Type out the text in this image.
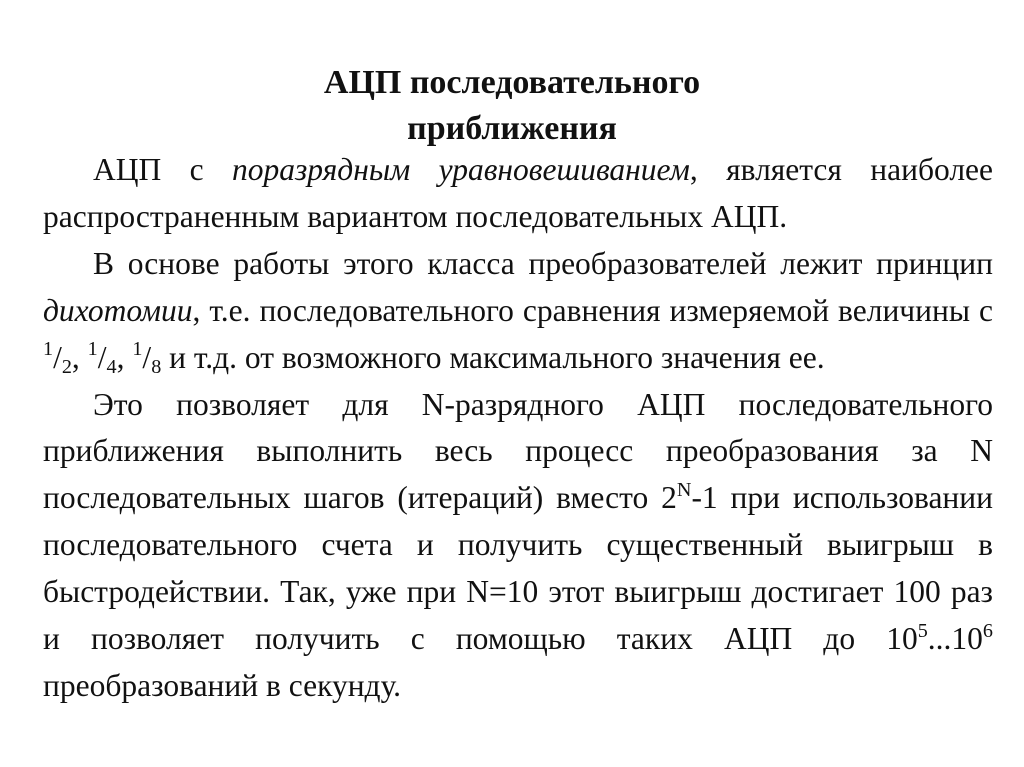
АЦП последовательного
приближения

АЦП с поразрядным уравновешиванием, является наиболее распространенным вариантом последовательных АЦП.

В основе работы этого класса преобразователей лежит принцип дихотомии, т.е. последовательного сравнения измеряемой величины с $^1/_2$, $^1/_4$, $^1/_8$ и т.д. от возможного максимального значения ее.

Это позволяет для N-разрядного АЦП последовательного приближения выполнить весь процесс преобразования за N последовательных шагов (итераций) вместо $2^N-1$ при использовании последовательного счета и получить существенный выигрыш в быстродействии. Так, уже при N=10 этот выигрыш достигает 100 раз и позволяет получить с помощью таких АЦП до $10^5...10^6$ преобразований в секунду.
